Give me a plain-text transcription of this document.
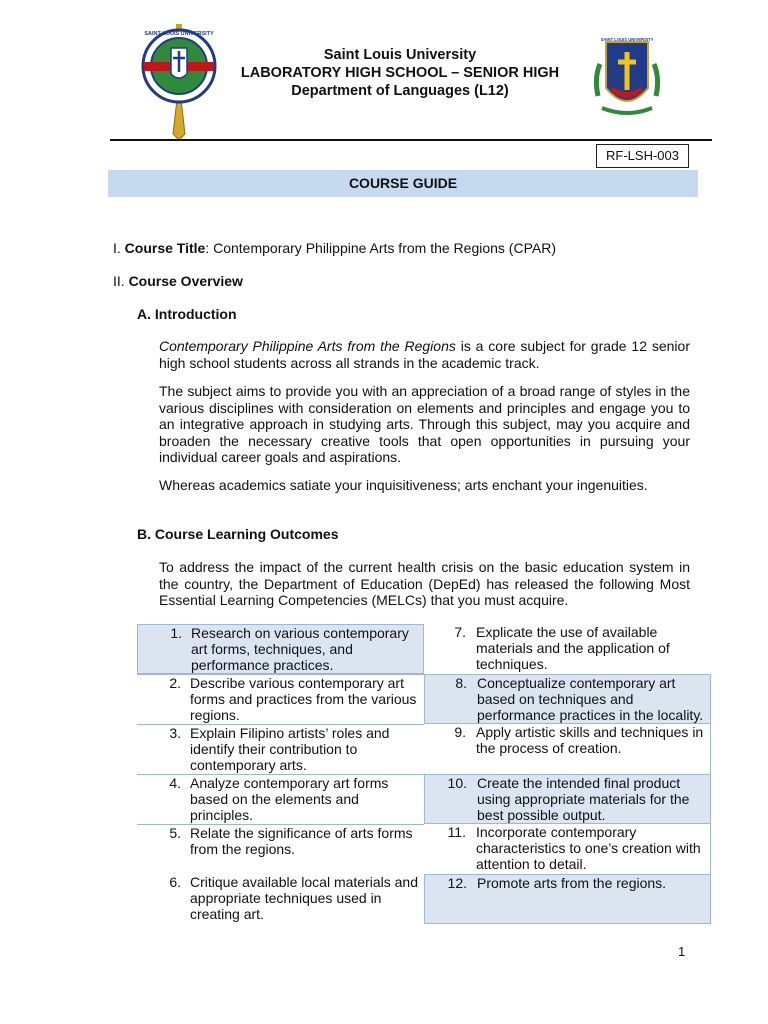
SAINT LOUIS UNIVERSITY
SAINT LOUIS UNIVERSITY
Saint Louis University
LABORATORY HIGH SCHOOL – SENIOR HIGH
Department of Languages (L12)
RF-LSH-003
COURSE GUIDE
I. Course Title: Contemporary Philippine Arts from the Regions (CPAR)
II. Course Overview
A. Introduction
Contemporary Philippine Arts from the Regions is a core subject for grade 12 senior high school students across all strands in the academic track.
The subject aims to provide you with an appreciation of a broad range of styles in the various disciplines with consideration on elements and principles and engage you to an integrative approach in studying arts. Through this subject, may you acquire and broaden the necessary creative tools that open opportunities in pursuing your individual career goals and aspirations.
Whereas academics satiate your inquisitiveness; arts enchant your ingenuities.
B. Course Learning Outcomes
To address the impact of the current health crisis on the basic education system in the country, the Department of Education (DepEd) has released the following Most Essential Learning Competencies (MELCs) that you must acquire.
1. Research on various contemporary art forms, techniques, and performance practices.
2. Describe various contemporary art forms and practices from the various regions.
3. Explain Filipino artists’ roles and identify their contribution to contemporary arts.
4. Analyze contemporary art forms based on the elements and principles.
5. Relate the significance of arts forms from the regions.
6. Critique available local materials and appropriate techniques used in creating art.
7. Explicate the use of available materials and the application of techniques.
8. Conceptualize contemporary art based on techniques and performance practices in the locality.
9. Apply artistic skills and techniques in the process of creation.
10. Create the intended final product using appropriate materials for the best possible output.
11. Incorporate contemporary characteristics to one’s creation with attention to detail.
12. Promote arts from the regions.
1
